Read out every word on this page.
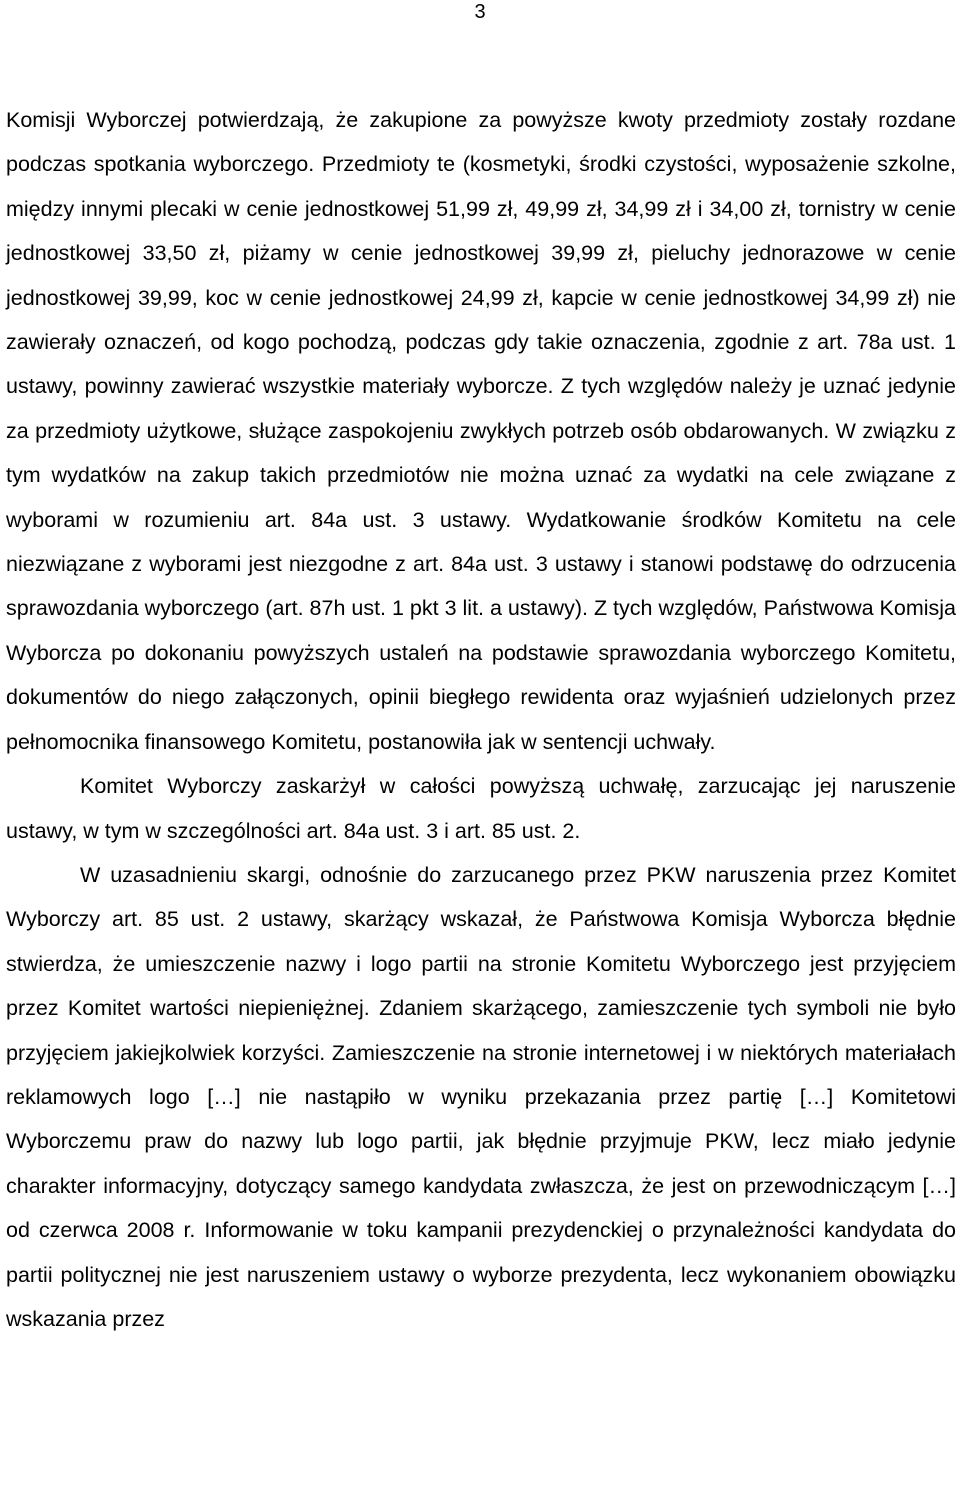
3

Komisji Wyborczej potwierdzają, że zakupione za powyższe kwoty przedmioty zostały rozdane podczas spotkania wyborczego. Przedmioty te (kosmetyki, środki czystości, wyposażenie szkolne, między innymi plecaki w cenie jednostkowej 51,99 zł, 49,99 zł, 34,99 zł i 34,00 zł, tornistry w cenie jednostkowej 33,50 zł, piżamy w cenie jednostkowej 39,99 zł, pieluchy jednorazowe w cenie jednostkowej 39,99, koc w cenie jednostkowej 24,99 zł, kapcie w cenie jednostkowej 34,99 zł) nie zawierały oznaczeń, od kogo pochodzą, podczas gdy takie oznaczenia, zgodnie z art. 78a ust. 1 ustawy, powinny zawierać wszystkie materiały wyborcze. Z tych względów należy je uznać jedynie za przedmioty użytkowe, służące zaspokojeniu zwykłych potrzeb osób obdarowanych. W związku z tym wydatków na zakup takich przedmiotów nie można uznać za wydatki na cele związane z wyborami w rozumieniu art. 84a ust. 3 ustawy. Wydatkowanie środków Komitetu na cele niezwiązane z wyborami jest niezgodne z art. 84a ust. 3 ustawy i stanowi podstawę do odrzucenia sprawozdania wyborczego (art. 87h ust. 1 pkt 3 lit. a ustawy). Z tych względów, Państwowa Komisja Wyborcza po dokonaniu powyższych ustaleń na podstawie sprawozdania wyborczego Komitetu, dokumentów do niego załączonych, opinii biegłego rewidenta oraz wyjaśnień udzielonych przez pełnomocnika finansowego Komitetu, postanowiła jak w sentencji uchwały.

Komitet Wyborczy zaskarżył w całości powyższą uchwałę, zarzucając jej naruszenie ustawy, w tym w szczególności art. 84a ust. 3 i art. 85 ust. 2.

W uzasadnieniu skargi, odnośnie do zarzucanego przez PKW naruszenia przez Komitet Wyborczy art. 85 ust. 2 ustawy, skarżący wskazał, że Państwowa Komisja Wyborcza błędnie stwierdza, że umieszczenie nazwy i logo partii na stronie Komitetu Wyborczego jest przyjęciem przez Komitet wartości niepieniężnej. Zdaniem skarżącego, zamieszczenie tych symboli nie było przyjęciem jakiejkolwiek korzyści. Zamieszczenie na stronie internetowej i w niektórych materiałach reklamowych logo […] nie nastąpiło w wyniku przekazania przez partię […] Komitetowi Wyborczemu praw do nazwy lub logo partii, jak błędnie przyjmuje PKW, lecz miało jedynie charakter informacyjny, dotyczący samego kandydata zwłaszcza, że jest on przewodniczącym […] od czerwca 2008 r. Informowanie w toku kampanii prezydenckiej o przynależności kandydata do partii politycznej nie jest naruszeniem ustawy o wyborze prezydenta, lecz wykonaniem obowiązku wskazania przez
